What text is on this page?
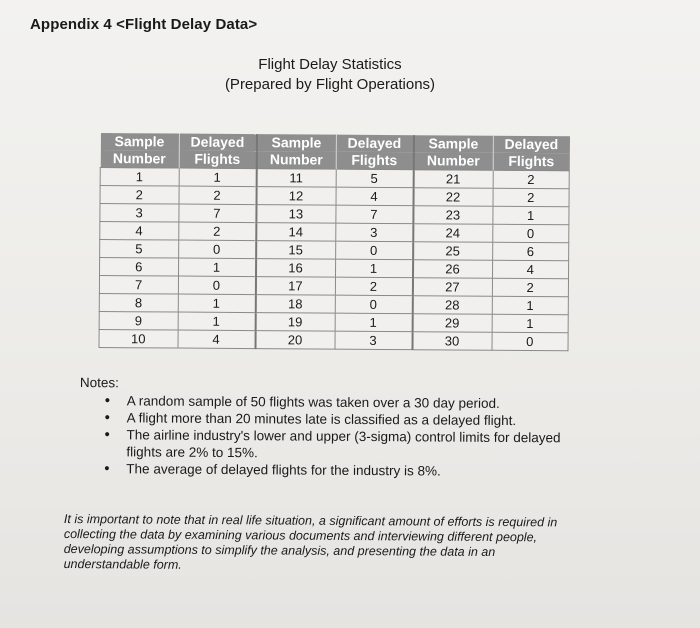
Appendix 4 <Flight Delay Data>
Flight Delay Statistics
(Prepared by Flight Operations)
Sample	Delayed	Sample	Delayed	Sample	Delayed
Number	Flights	Number	Flights	Number	Flights
1	1	11	5	21	2
2	2	12	4	22	2
3	7	13	7	23	1
4	2	14	3	24	0
5	0	15	0	25	6
6	1	16	1	26	4
7	0	17	2	27	2
8	1	18	0	28	1
9	1	19	1	29	1
10	4	20	3	30	0
Notes:
• A random sample of 50 flights was taken over a 30 day period.
• A flight more than 20 minutes late is classified as a delayed flight.
• The airline industry's lower and upper (3-sigma) control limits for delayed flights are 2% to 15%.
• The average of delayed flights for the industry is 8%.
It is important to note that in real life situation, a significant amount of efforts is required in collecting the data by examining various documents and interviewing different people, developing assumptions to simplify the analysis, and presenting the data in an understandable form.
